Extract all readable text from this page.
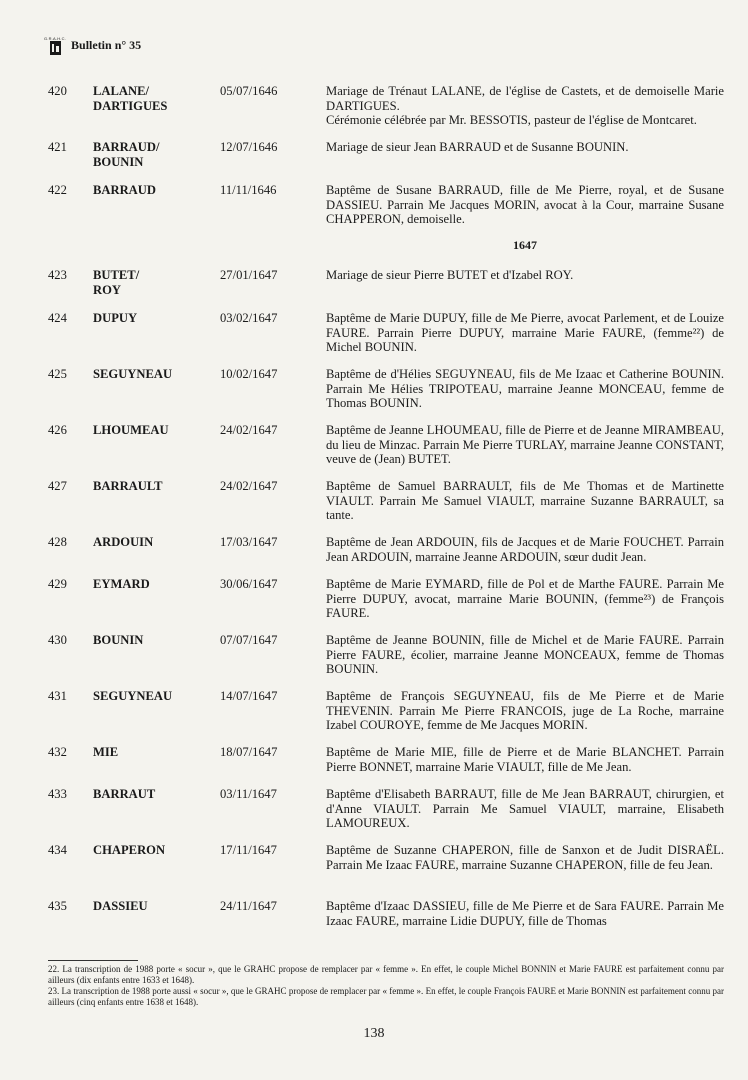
G.R.A.H.C. Bulletin n° 35
1647
420 LALANE/
DARTIGUES
05/07/1646	Mariage de Trénaut LALANE, de l'église de Castets, et de demoiselle Marie DARTIGUES.
Cérémonie célébrée par Mr. BESSOTIS, pasteur de l'église de Montcaret.
421 BARRAUD/
BOUNIN
12/07/1646	Mariage de sieur Jean BARRAUD et de Susanne BOUNIN.
422 BARRAUD	11/11/1646	Baptême de Susane BARRAUD, fille de Me Pierre, royal, et de Susane DASSIEU. Parrain Me Jacques MORIN, avocat à la Cour, marraine Susane CHAPPERON, demoiselle.
423 BUTET/
ROY
27/01/1647	Mariage de sieur Pierre BUTET et d'Izabel ROY.
424 DUPUY	03/02/1647	Baptême de Marie DUPUY, fille de Me Pierre, avocat Parlement, et de Louize FAURE. Parrain Pierre DUPUY, marraine Marie FAURE, (femme²²) de Michel BOUNIN.
425 SEGUYNEAU	10/02/1647	Baptême de d'Hélies SEGUYNEAU, fils de Me Izaac et Catherine BOUNIN. Parrain Me Hélies TRIPOTEAU, marraine Jeanne MONCEAU, femme de Thomas BOUNIN.
426 LHOUMEAU	24/02/1647	Baptême de Jeanne LHOUMEAU, fille de Pierre et de Jeanne MIRAMBEAU, du lieu de Minzac. Parrain Me Pierre TURLAY, marraine Jeanne CONSTANT, veuve de (Jean) BUTET.
427 BARRAULT	24/02/1647	Baptême de Samuel BARRAULT, fils de Me Thomas et de Martinette VIAULT. Parrain Me Samuel VIAULT, marraine Suzanne BARRAULT, sa tante.
428 ARDOUIN	17/03/1647	Baptême de Jean ARDOUIN, fils de Jacques et de Marie FOUCHET. Parrain Jean ARDOUIN, marraine Jeanne ARDOUIN, sœur dudit Jean.
429 EYMARD	30/06/1647	Baptême de Marie EYMARD, fille de Pol et de Marthe FAURE. Parrain Me Pierre DUPUY, avocat, marraine Marie BOUNIN, (femme²³) de François FAURE.
430 BOUNIN	07/07/1647	Baptême de Jeanne BOUNIN, fille de Michel et de Marie FAURE. Parrain Pierre FAURE, écolier, marraine Jeanne MONCEAUX, femme de Thomas BOUNIN.
431 SEGUYNEAU	14/07/1647	Baptême de François SEGUYNEAU, fils de Me Pierre et de Marie THEVENIN. Parrain Me Pierre FRANCOIS, juge de La Roche, marraine Izabel COUROYE, femme de Me Jacques MORIN.
432 MIE	18/07/1647	Baptême de Marie MIE, fille de Pierre et de Marie BLANCHET. Parrain Pierre BONNET, marraine Marie VIAULT, fille de Me Jean.
433 BARRAUT	03/11/1647	Baptême d'Elisabeth BARRAUT, fille de Me Jean BARRAUT, chirurgien, et d'Anne VIAULT. Parrain Me Samuel VIAULT, marraine, Elisabeth LAMOUREUX.
434 CHAPERON	17/11/1647	Baptême de Suzanne CHAPERON, fille de Sanxon et de Judit DISRAËL. Parrain Me Izaac FAURE, marraine Suzanne CHAPERON, fille de feu Jean.
435 DASSIEU	24/11/1647	Baptême d'Izaac DASSIEU, fille de Me Pierre et de Sara FAURE. Parrain Me Izaac FAURE, marraine Lidie DUPUY, fille de Thomas

22. La transcription de 1988 porte « socur », que le GRAHC propose de remplacer par « femme ». En effet, le couple Michel BONNIN et Marie FAURE est parfaitement connu par ailleurs (dix enfants entre 1633 et 1648).

23. La transcription de 1988 porte aussi « socur », que le GRAHC propose de remplacer par « femme ». En effet, le couple François FAURE et Marie BONNIN est parfaitement connu par ailleurs (cinq enfants entre 1638 et 1648).

138
